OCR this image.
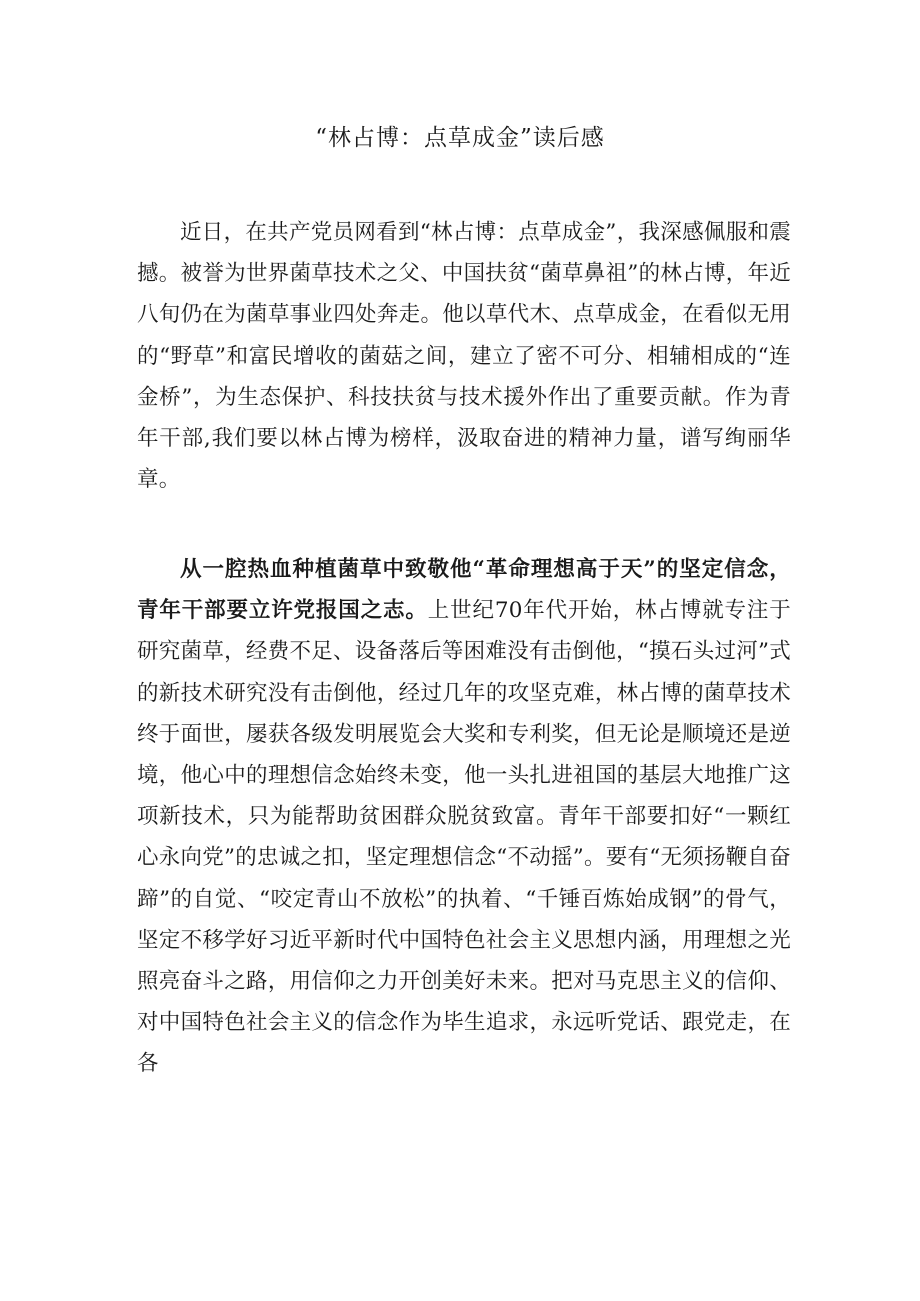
“林占博：点草成金”读后感

近日，在共产党员网看到“林占博：点草成金”，我深感佩服和震撼。被誉为世界菌草技术之父、中国扶贫“菌草鼻祖”的林占博，年近八旬仍在为菌草事业四处奔走。他以草代木、点草成金，在看似无用的“野草”和富民增收的菌菇之间，建立了密不可分、相辅相成的“连金桥”，为生态保护、科技扶贫与技术援外作出了重要贡献。作为青年干部,我们要以林占博为榜样，汲取奋进的精神力量，谱写绚丽华章。

从一腔热血种植菌草中致敬他“革命理想高于天”的坚定信念，青年干部要立许党报国之志。上世纪70年代开始，林占博就专注于研究菌草，经费不足、设备落后等困难没有击倒他，“摸石头过河”式的新技术研究没有击倒他，经过几年的攻坚克难，林占博的菌草技术终于面世，屡获各级发明展览会大奖和专利奖，但无论是顺境还是逆境，他心中的理想信念始终未变，他一头扎进祖国的基层大地推广这项新技术，只为能帮助贫困群众脱贫致富。青年干部要扣好“一颗红心永向党”的忠诚之扣，坚定理想信念“不动摇”。要有“无须扬鞭自奋蹄”的自觉、“咬定青山不放松”的执着、“千锤百炼始成钢”的骨气，坚定不移学好习近平新时代中国特色社会主义思想内涵，用理想之光照亮奋斗之路，用信仰之力开创美好未来。把对马克思主义的信仰、对中国特色社会主义的信念作为毕生追求，永远听党话、跟党走，在各
